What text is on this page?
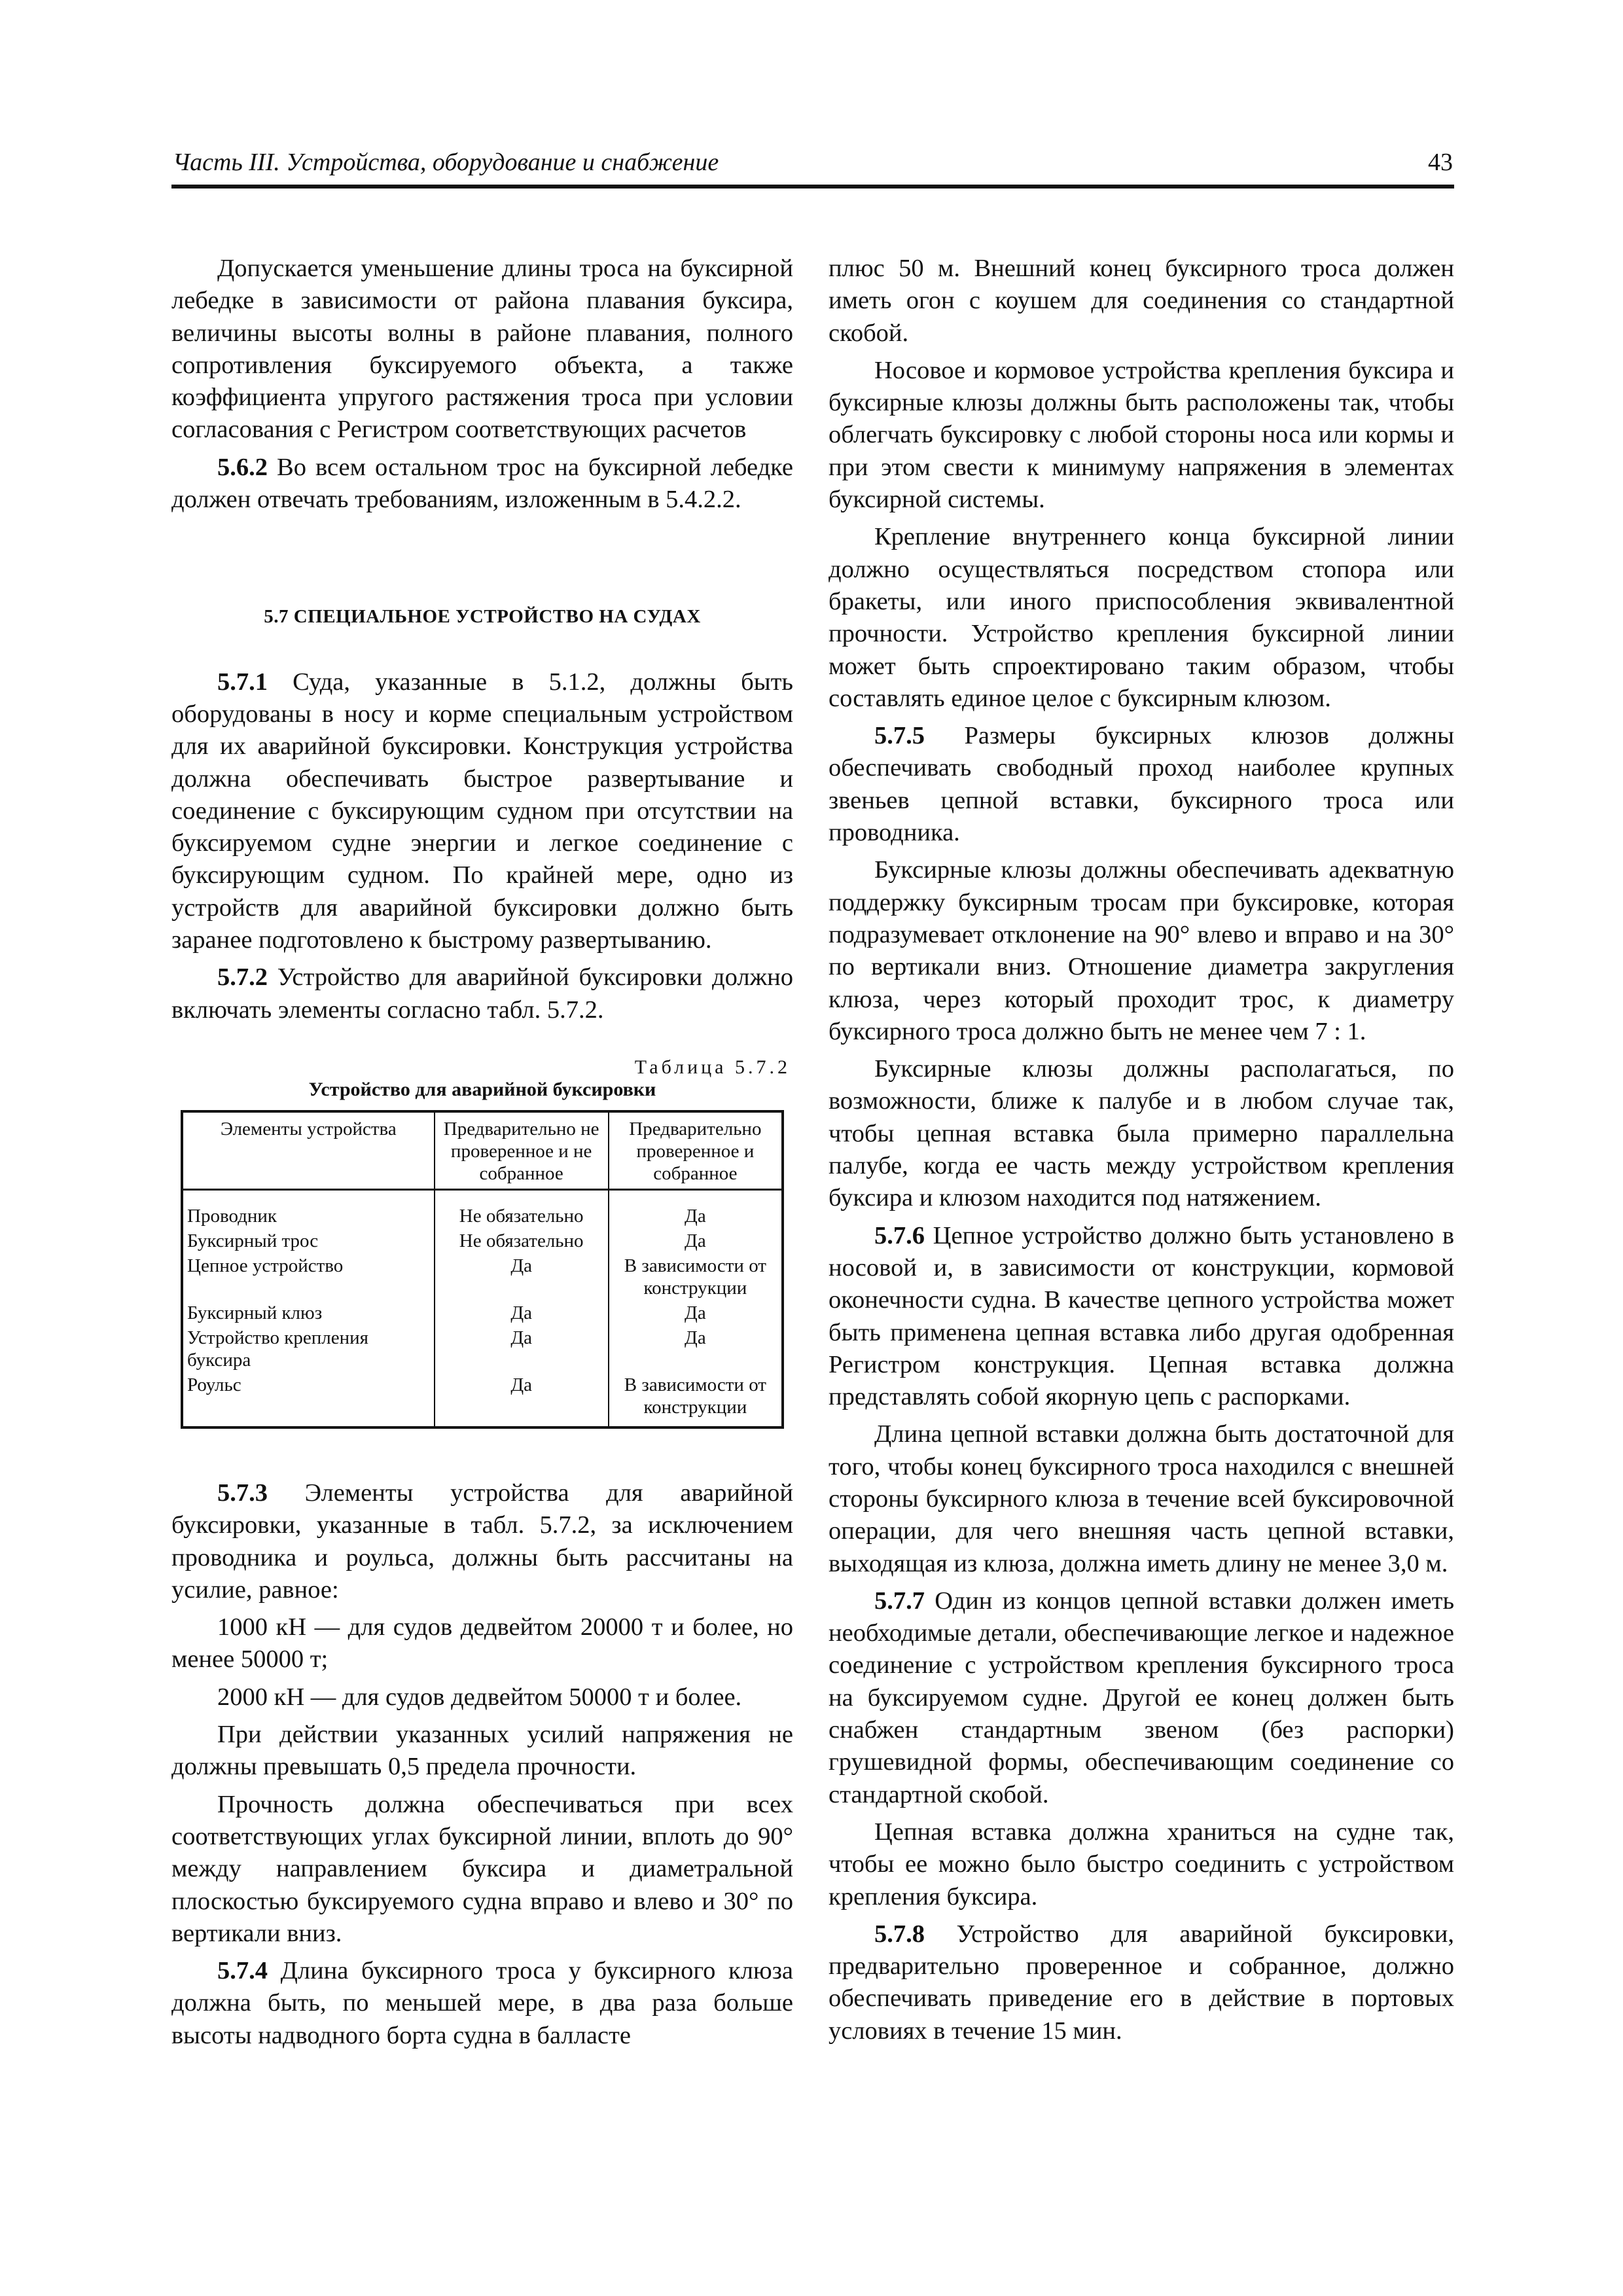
Часть III. Устройства, оборудование и снабжение	43

Допускается уменьшение длины троса на буксирной лебедке в зависимости от района плавания буксира, величины высоты волны в районе плавания, полного сопротивления буксируемого объекта, а также коэффициента упругого растяжения троса при условии согласования с Регистром соответствующих расчетов

5.6.2 Во всем остальном трос на буксирной лебедке должен отвечать требованиям, изложенным в 5.4.2.2.

5.7 СПЕЦИАЛЬНОЕ УСТРОЙСТВО НА СУДАХ

5.7.1 Суда, указанные в 5.1.2, должны быть оборудованы в носу и корме специальным устройством для их аварийной буксировки. Конструкция устройства должна обеспечивать быстрое развертывание и соединение с буксирующим судном при отсутствии на буксируемом судне энергии и легкое соединение с буксирующим судном. По крайней мере, одно из устройств для аварийной буксировки должно быть заранее подготовлено к быстрому развертыванию.

5.7.2 Устройство для аварийной буксировки должно включать элементы согласно табл. 5.7.2.

Таблица 5.7.2
Устройство для аварийной буксировки
Элементы устройства	Предварительно не проверенное и не собранное	Предварительно проверенное и собранное
Проводник	Не обязательно	Да
Буксирный трос	Не обязательно	Да
Цепное устройство	Да	В зависимости от конструкции
Буксирный клюз	Да	Да
Устройство крепления буксира	Да	Да
Роульс	Да	В зависимости от конструкции

5.7.3 Элементы устройства для аварийной буксировки, указанные в табл. 5.7.2, за исключением проводника и роульса, должны быть рассчитаны на усилие, равное:

1000 кН — для судов дедвейтом 20000 т и более, но менее 50000 т;

2000 кН — для судов дедвейтом 50000 т и более.

При действии указанных усилий напряжения не должны превышать 0,5 предела прочности.

Прочность должна обеспечиваться при всех соответствующих углах буксирной линии, вплоть до 90° между направлением буксира и диаметральной плоскостью буксируемого судна вправо и влево и 30° по вертикали вниз.

5.7.4 Длина буксирного троса у буксирного клюза должна быть, по меньшей мере, в два раза больше высоты надводного борта судна в балласте

плюс 50 м. Внешний конец буксирного троса должен иметь огон с коушем для соединения со стандартной скобой.

Носовое и кормовое устройства крепления буксира и буксирные клюзы должны быть расположены так, чтобы облегчать буксировку с любой стороны носа или кормы и при этом свести к минимуму напряжения в элементах буксирной системы.

Крепление внутреннего конца буксирной линии должно осуществляться посредством стопора или бракеты, или иного приспособления эквивалентной прочности. Устройство крепления буксирной линии может быть спроектировано таким образом, чтобы составлять единое целое с буксирным клюзом.

5.7.5 Размеры буксирных клюзов должны обеспечивать свободный проход наиболее крупных звеньев цепной вставки, буксирного троса или проводника.

Буксирные клюзы должны обеспечивать адекватную поддержку буксирным тросам при буксировке, которая подразумевает отклонение на 90° влево и вправо и на 30° по вертикали вниз. Отношение диаметра закругления клюза, через который проходит трос, к диаметру буксирного троса должно быть не менее чем 7 : 1.

Буксирные клюзы должны располагаться, по возможности, ближе к палубе и в любом случае так, чтобы цепная вставка была примерно параллельна палубе, когда ее часть между устройством крепления буксира и клюзом находится под натяжением.

5.7.6 Цепное устройство должно быть установлено в носовой и, в зависимости от конструкции, кормовой оконечности судна. В качестве цепного устройства может быть применена цепная вставка либо другая одобренная Регистром конструкция. Цепная вставка должна представлять собой якорную цепь с распорками.

Длина цепной вставки должна быть достаточной для того, чтобы конец буксирного троса находился с внешней стороны буксирного клюза в течение всей буксировочной операции, для чего внешняя часть цепной вставки, выходящая из клюза, должна иметь длину не менее 3,0 м.

5.7.7 Один из концов цепной вставки должен иметь необходимые детали, обеспечивающие легкое и надежное соединение с устройством крепления буксирного троса на буксируемом судне. Другой ее конец должен быть снабжен стандартным звеном (без распорки) грушевидной формы, обеспечивающим соединение со стандартной скобой.

Цепная вставка должна храниться на судне так, чтобы ее можно было быстро соединить с устройством крепления буксира.

5.7.8 Устройство для аварийной буксировки, предварительно проверенное и собранное, должно обеспечивать приведение его в действие в портовых условиях в течение 15 мин.
